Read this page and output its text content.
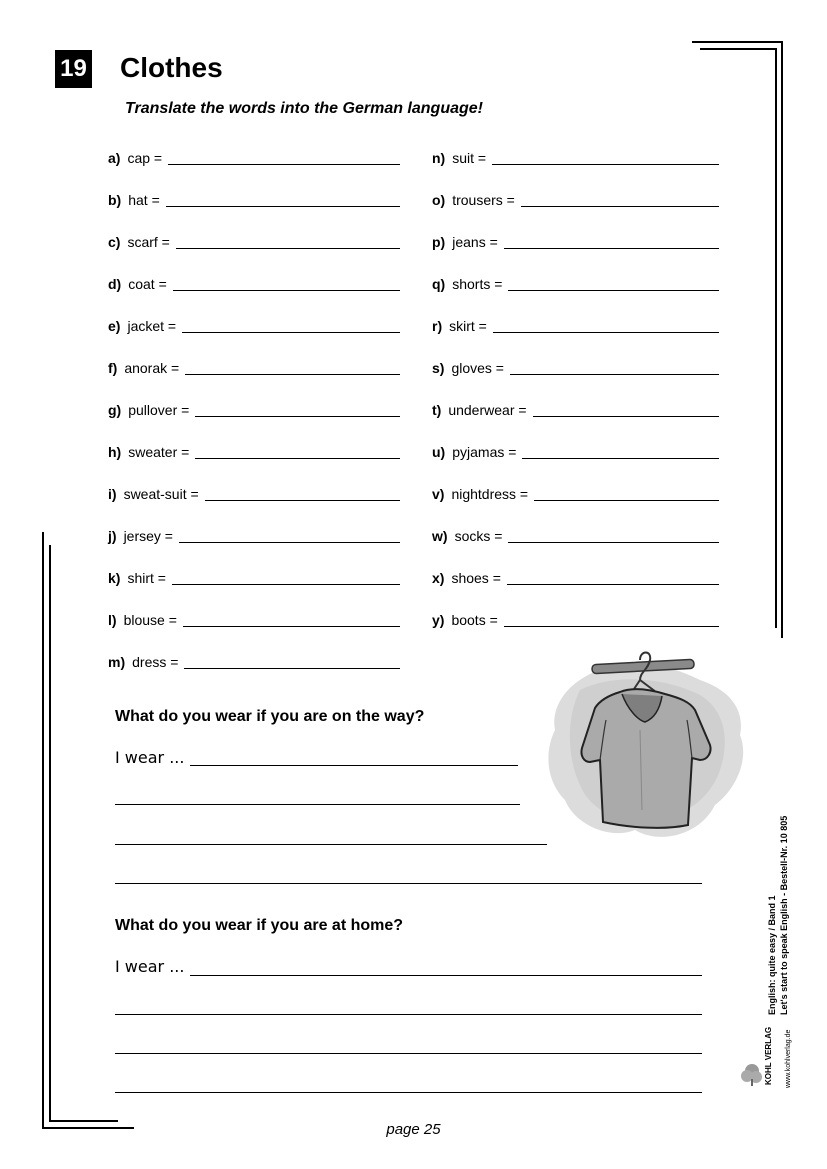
19 Clothes
Translate the words into the German language!
a) cap =
b) hat =
c) scarf =
d) coat =
e) jacket =
f) anorak =
g) pullover =
h) sweater =
i) sweat-suit =
j) jersey =
k) shirt =
l) blouse =
m) dress =
n) suit =
o) trousers =
p) jeans =
q) shorts =
r) skirt =
s) gloves =
t) underwear =
u) pyjamas =
v) nightdress =
w) socks =
x) shoes =
y) boots =
What do you wear if you are on the way?
I wear ...
What do you wear if you are at home?
I wear ...	English: quite easy / Band 1 Let's start to speak English - Bestell-Nr. 10 805
www.kohlverlag.de
KOHL VERLAG
page 25
